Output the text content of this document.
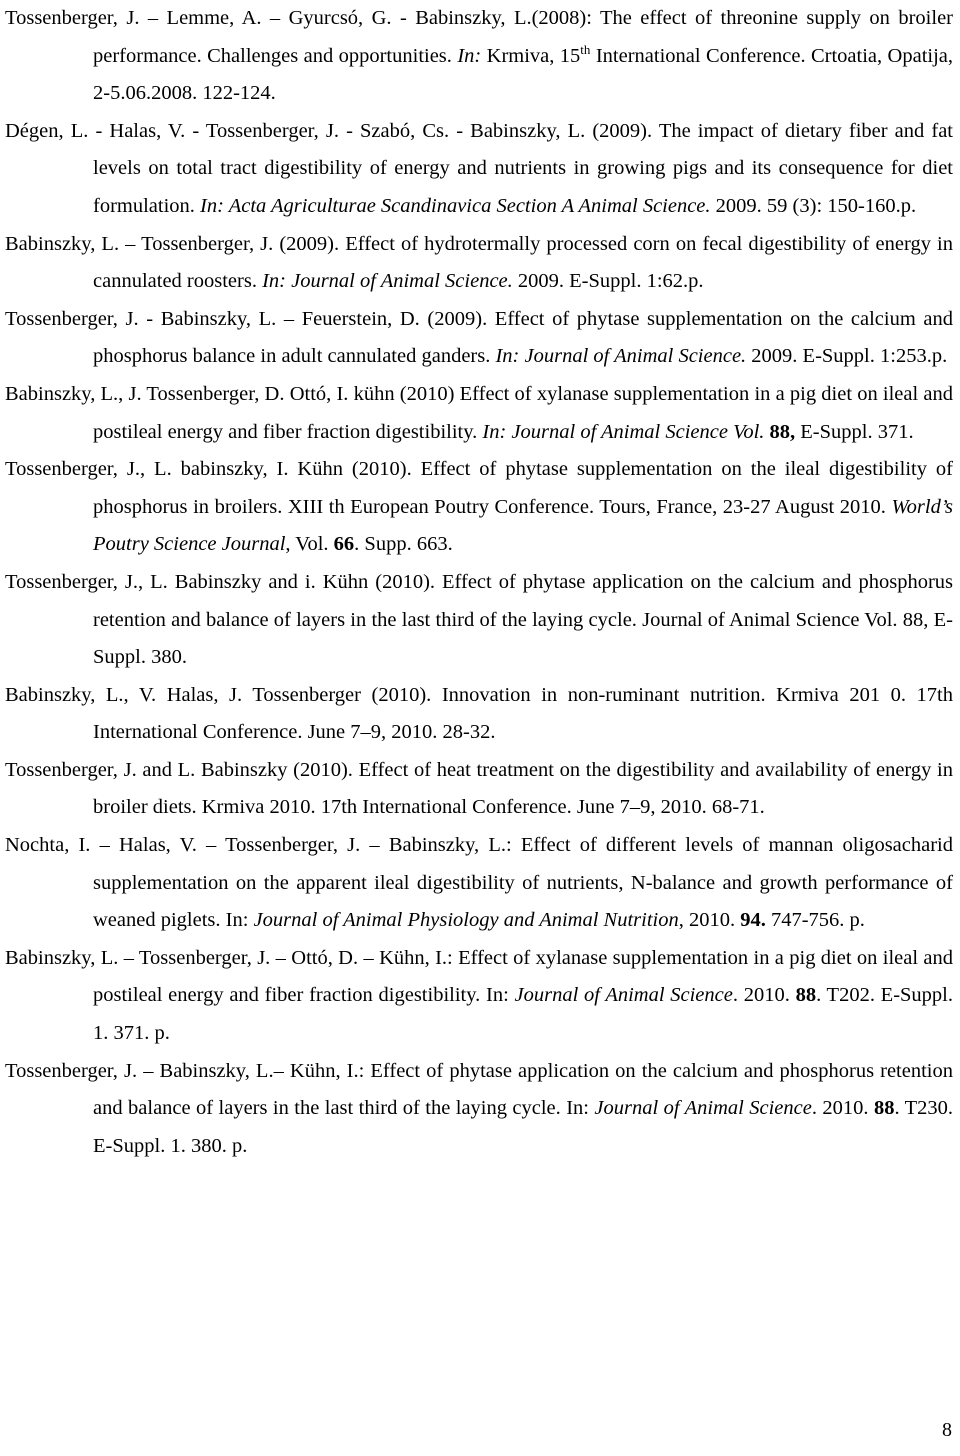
Tossenberger, J. – Lemme, A. – Gyurcsó, G. - Babinszky, L.(2008): The effect of threonine supply on broiler performance. Challenges and opportunities. In: Krmiva, 15th International Conference. Crtoatia, Opatija, 2-5.06.2008. 122-124.

Dégen, L. - Halas, V. - Tossenberger, J. - Szabó, Cs. - Babinszky, L. (2009). The impact of dietary fiber and fat levels on total tract digestibility of energy and nutrients in growing pigs and its consequence for diet formulation. In: Acta Agriculturae Scandinavica Section A Animal Science. 2009. 59 (3): 150-160.p.

Babinszky, L. – Tossenberger, J. (2009). Effect of hydrotermally processed corn on fecal digestibility of energy in cannulated roosters. In: Journal of Animal Science. 2009. E-Suppl. 1:62.p.

Tossenberger, J. - Babinszky, L. – Feuerstein, D. (2009). Effect of phytase supplementation on the calcium and phosphorus balance in adult cannulated ganders. In: Journal of Animal Science. 2009. E-Suppl. 1:253.p.

Babinszky, L., J. Tossenberger, D. Ottó, I. kühn (2010) Effect of xylanase supplementation in a pig diet on ileal and postileal energy and fiber fraction digestibility. In: Journal of Animal Science Vol. 88, E-Suppl. 371.

Tossenberger, J., L. babinszky, I. Kühn (2010). Effect of phytase supplementation on the ileal digestibility of phosphorus in broilers. XIII th European Poutry Conference. Tours, France, 23-27 August 2010. World’s Poutry Science Journal, Vol. 66. Supp. 663.

Tossenberger, J., L. Babinszky and i. Kühn (2010). Effect of phytase application on the calcium and phosphorus retention and balance of layers in the last third of the laying cycle. Journal of Animal Science Vol. 88, E-Suppl. 380.

Babinszky, L., V. Halas, J. Tossenberger (2010). Innovation in non-ruminant nutrition. Krmiva 201 0. 17th International Conference. June 7–9, 2010. 28-32.

Tossenberger, J. and L. Babinszky (2010). Effect of heat treatment on the digestibility and availability of energy in broiler diets. Krmiva 2010. 17th International Conference. June 7–9, 2010. 68-71.

Nochta, I. – Halas, V. – Tossenberger, J. – Babinszky, L.: Effect of different levels of mannan oligosacharid supplementation on the apparent ileal digestibility of nutrients, N-balance and growth performance of weaned piglets. In: Journal of Animal Physiology and Animal Nutrition, 2010. 94. 747-756. p.

Babinszky, L. – Tossenberger, J. – Ottó, D. – Kühn, I.: Effect of xylanase supplementation in a pig diet on ileal and postileal energy and fiber fraction digestibility. In: Journal of Animal Science. 2010. 88. T202. E-Suppl. 1. 371. p.

Tossenberger, J. – Babinszky, L.– Kühn, I.: Effect of phytase application on the calcium and phosphorus retention and balance of layers in the last third of the laying cycle. In: Journal of Animal Science. 2010. 88. T230. E-Suppl. 1. 380. p.

8
